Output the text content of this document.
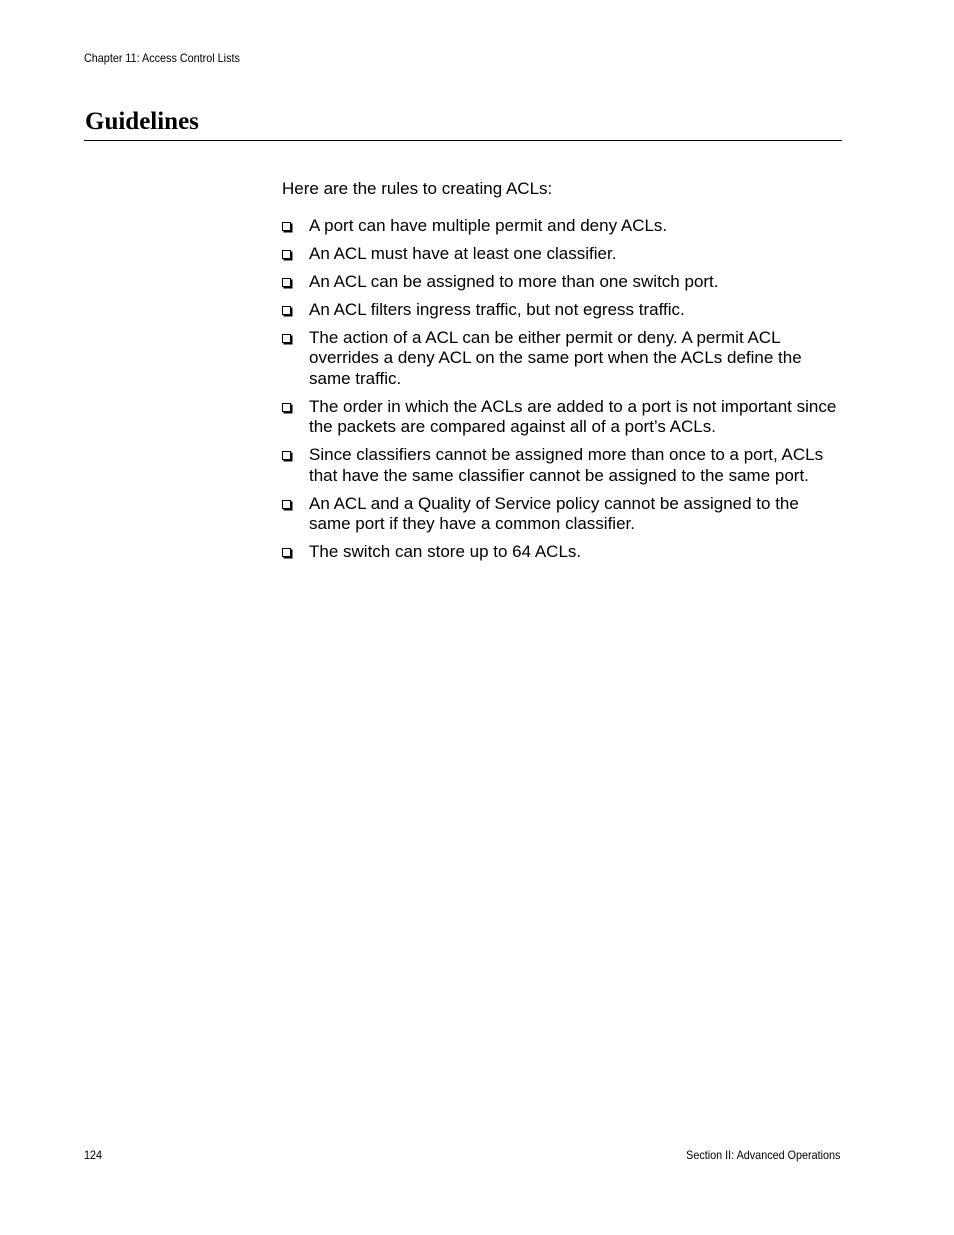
Chapter 11: Access Control Lists
Guidelines

Here are the rules to creating ACLs:

A port can have multiple permit and deny ACLs.
An ACL must have at least one classifier.
An ACL can be assigned to more than one switch port.
An ACL filters ingress traffic, but not egress traffic.
The action of a ACL can be either permit or deny. A permit ACL overrides a deny ACL on the same port when the ACLs define the same traffic.
The order in which the ACLs are added to a port is not important since the packets are compared against all of a port’s ACLs.
Since classifiers cannot be assigned more than once to a port, ACLs that have the same classifier cannot be assigned to the same port.
An ACL and a Quality of Service policy cannot be assigned to the same port if they have a common classifier.
The switch can store up to 64 ACLs.
124	Section II: Advanced Operations
